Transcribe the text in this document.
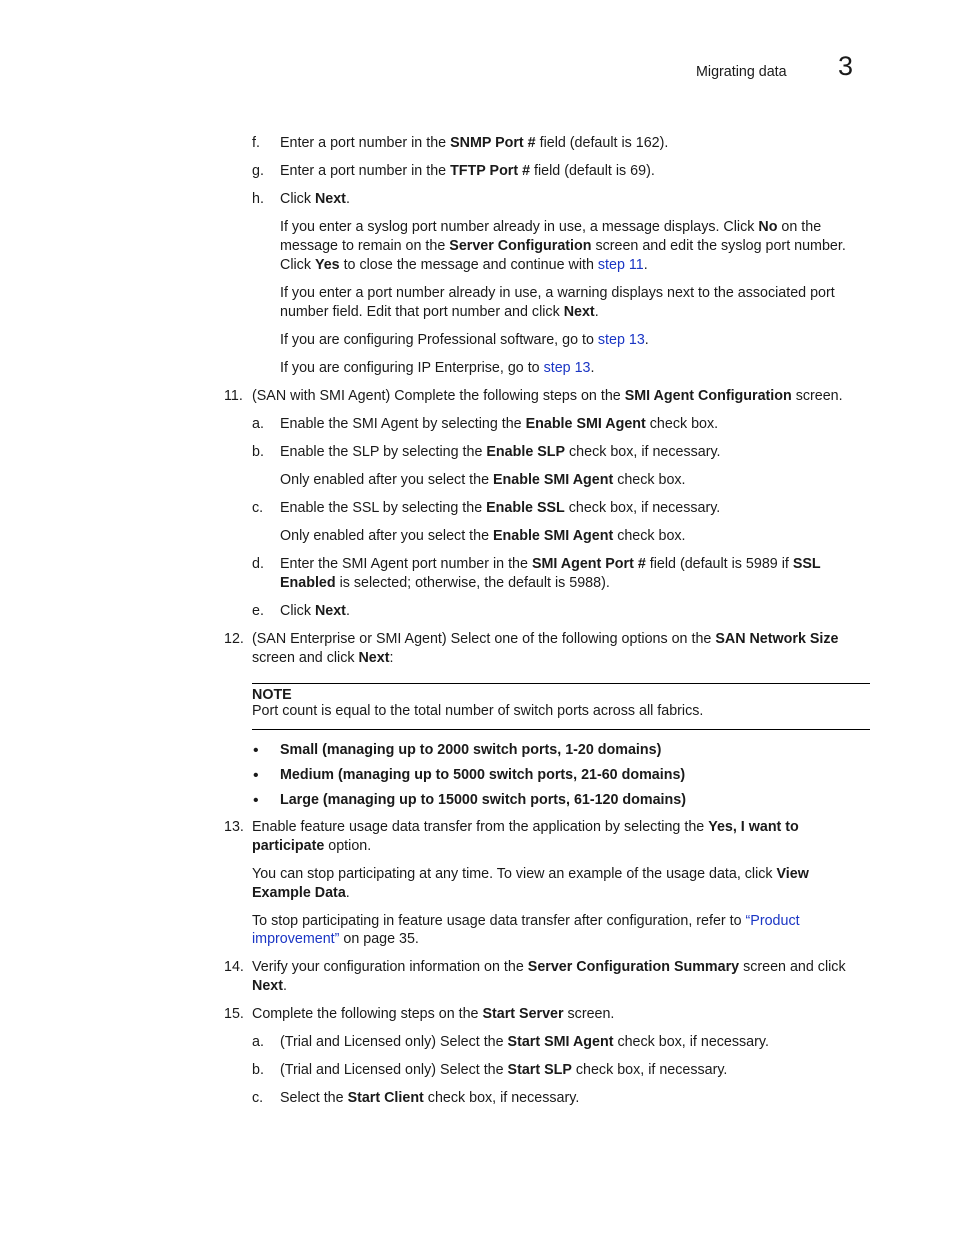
Migrating data 3
f. Enter a port number in the SNMP Port # field (default is 162).
g. Enter a port number in the TFTP Port # field (default is 69).
h. Click Next.
If you enter a syslog port number already in use, a message displays. Click No on the
message to remain on the Server Configuration screen and edit the syslog port number.
Click Yes to close the message and continue with step 11.
If you enter a port number already in use, a warning displays next to the associated port
number field. Edit that port number and click Next.
If you are configuring Professional software, go to step 13.
If you are configuring IP Enterprise, go to step 13.
11. (SAN with SMI Agent) Complete the following steps on the SMI Agent Configuration screen.
a. Enable the SMI Agent by selecting the Enable SMI Agent check box.
b. Enable the SLP by selecting the Enable SLP check box, if necessary.
Only enabled after you select the Enable SMI Agent check box.
c. Enable the SSL by selecting the Enable SSL check box, if necessary.
Only enabled after you select the Enable SMI Agent check box.
d. Enter the SMI Agent port number in the SMI Agent Port # field (default is 5989 if SSL
Enabled is selected; otherwise, the default is 5988).
e. Click Next.
12. (SAN Enterprise or SMI Agent) Select one of the following options on the SAN Network Size
screen and click Next:
NOTE
Port count is equal to the total number of switch ports across all fabrics.
• Small (managing up to 2000 switch ports, 1-20 domains)
• Medium (managing up to 5000 switch ports, 21-60 domains)
• Large (managing up to 15000 switch ports, 61-120 domains)
13. Enable feature usage data transfer from the application by selecting the Yes, I want to
participate option.
You can stop participating at any time. To view an example of the usage data, click View
Example Data.
To stop participating in feature usage data transfer after configuration, refer to “Product
improvement” on page 35.
14. Verify your configuration information on the Server Configuration Summary screen and click
Next.
15. Complete the following steps on the Start Server screen.
a. (Trial and Licensed only) Select the Start SMI Agent check box, if necessary.
b. (Trial and Licensed only) Select the Start SLP check box, if necessary.
c. Select the Start Client check box, if necessary.
